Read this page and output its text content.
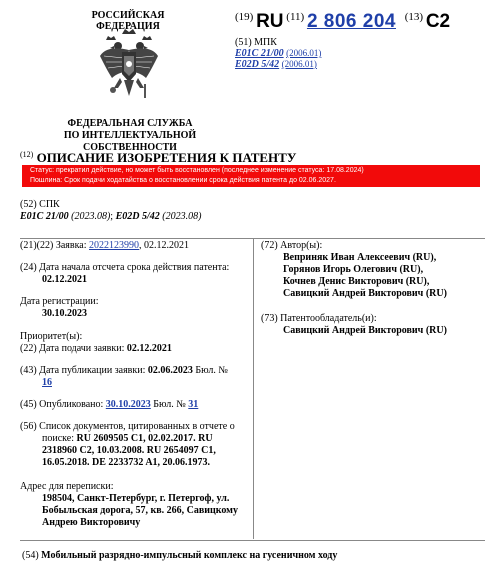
РОССИЙСКАЯ ФЕДЕРАЦИЯ
ФЕДЕРАЛЬНАЯ СЛУЖБА
ПО ИНТЕЛЛЕКТУАЛЬНОЙ СОБСТВЕННОСТИ
(19) RU (11) 2 806 204 (13) C2
(51) МПК
E01C 21/00 (2006.01)
E02D 5/42 (2006.01)
$^{(12)}$ ОПИСАНИЕ ИЗОБРЕТЕНИЯ К ПАТЕНТУ
Статус: прекратил действие, но может быть восстановлен (последнее изменение статуса: 17.08.2024)
Пошлина: Срок подачи ходатайства о восстановлении срока действия патента до 02.06.2027.
(52) СПК
E01C 21/00 (2023.08); E02D 5/42 (2023.08)
(21)(22) Заявка: 2022123990, 02.12.2021
(24) Дата начала отсчета срока действия патента:
02.12.2021
Дата регистрации:
30.10.2023
Приоритет(ы):
(22) Дата подачи заявки: 02.12.2021
(43) Дата публикации заявки: 02.06.2023 Бюл. №
16
(45) Опубликовано: 30.10.2023 Бюл. № 31
(56) Список документов, цитированных в отчете о
поиске: RU 2609505 C1, 02.02.2017. RU
2318960 C2, 10.03.2008. RU 2654097 C1,
16.05.2018. DE 2233732 A1, 20.06.1973.
Адрес для переписки:
198504, Санкт-Петербург, г. Петергоф, ул.
Бобыльская дорога, 57, кв. 266, Савицкому
Андрею Викторовичу
(72) Автор(ы):
Веприняк Иван Алексеевич (RU),
Горянов Игорь Олегович (RU),
Кочнев Денис Викторович (RU),
Савицкий Андрей Викторович (RU)
(73) Патентообладатель(и):
Савицкий Андрей Викторович (RU)
(54) Мобильный разрядно-импульсный комплекс на гусеничном ходу
